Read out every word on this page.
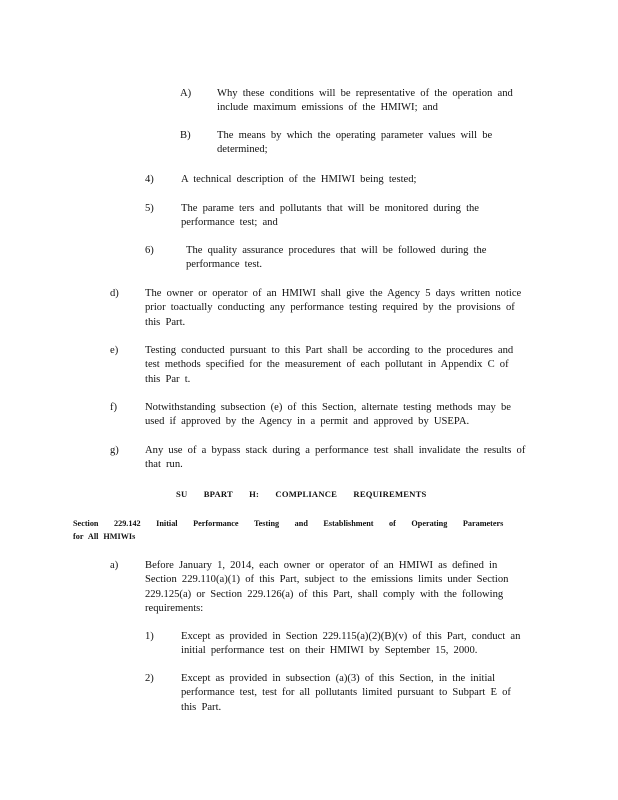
A) Why these conditions will be representative of the operation and
include maximum emissions of the HMIWI; and
B) The means by which the operating parameter values will be
determined;
4)	A technical description of the HMIWI being tested;
5)	The parame ters and pollutants that will be monitored during the
performance test; and
6)	The quality assurance procedures that will be followed during the
performance test.
d) The owner or operator of an HMIWI shall give the Agency 5 days written notice
prior toactually conducting any performance testing required by the provisions of
this Part.
e)	Testing conducted pursuant to this Part shall be according to the procedures and
test methods specified for the measurement of each pollutant in Appendix C of
this Par t.
f)	Notwithstanding subsection (e) of this Section, alternate testing methods may be
used if approved by the Agency in a permit and approved by USEPA.
g) Any use of a bypass stack during a performance test shall invalidate the results of
that run.
SU BPART H: COMPLIANCE REQUIREMENTS
Section 229.142 Initial Performance Testing and Establishment of Operating Parameters
for All HMIWIs
a)	Before January 1, 2014, each owner or operator of an HMIWI as defined in
Section 229.110(a)(1) of this Part, subject to the emissions limits under Section
229.125(a) or Section 229.126(a) of this Part, shall comply with the following
requirements:
1)	Except as provided in Section 229.115(a)(2)(B)(v) of this Part, conduct an
initial performance test on their HMIWI by September 15, 2000.
2)	Except as provided in subsection (a)(3) of this Section, in the initial
performance test, test for all pollutants limited pursuant to Subpart E of
this Part.
